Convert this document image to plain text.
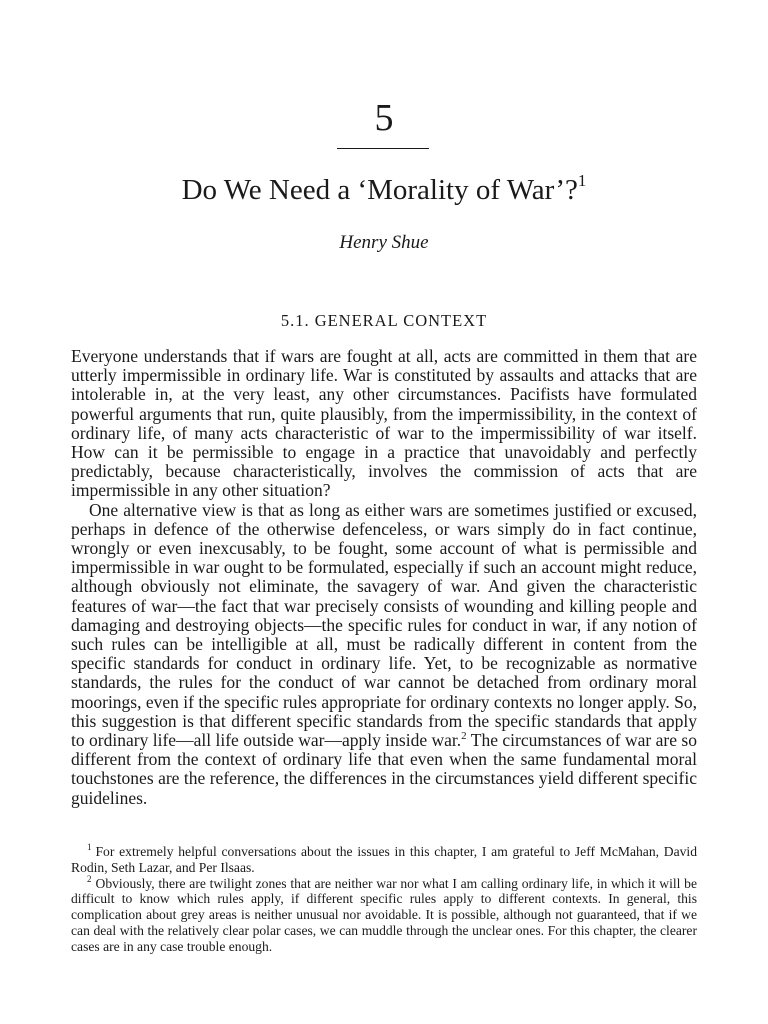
5
Do We Need a ‘Morality of War’?$^1$
Henry Shue
5.1. GENERAL CONTEXT

Everyone understands that if wars are fought at all, acts are committed in them that are utterly impermissible in ordinary life. War is constituted by assaults and attacks that are intolerable in, at the very least, any other circumstances. Pacifists have formulated powerful arguments that run, quite plausibly, from the impermissibility, in the context of ordinary life, of many acts characteristic of war to the impermissibility of war itself. How can it be permissible to engage in a practice that unavoidably and perfectly predictably, because characteristically, involves the commission of acts that are impermissible in any other situation?

One alternative view is that as long as either wars are sometimes justified or excused, perhaps in defence of the otherwise defenceless, or wars simply do in fact continue, wrongly or even inexcusably, to be fought, some account of what is permissible and impermissible in war ought to be formulated, especially if such an account might reduce, although obviously not eliminate, the savagery of war. And given the characteristic features of war—the fact that war precisely consists of wounding and killing people and damaging and destroying objects—the specific rules for conduct in war, if any notion of such rules can be intelligible at all, must be radically different in content from the specific standards for conduct in ordinary life. Yet, to be recognizable as normative standards, the rules for the conduct of war cannot be detached from ordinary moral moorings, even if the specific rules appropriate for ordinary contexts no longer apply. So, this suggestion is that different specific standards from the specific standards that apply to ordinary life—all life outside war—apply inside war.$^2$ The circumstances of war are so different from the context of ordinary life that even when the same fundamental moral touchstones are the reference, the differences in the circumstances yield different specific guidelines.

$^1$ For extremely helpful conversations about the issues in this chapter, I am grateful to Jeff McMahan, David Rodin, Seth Lazar, and Per Ilsaas.

$^2$ Obviously, there are twilight zones that are neither war nor what I am calling ordinary life, in which it will be difficult to know which rules apply, if different specific rules apply to different contexts. In general, this complication about grey areas is neither unusual nor avoidable. It is possible, although not guaranteed, that if we can deal with the relatively clear polar cases, we can muddle through the unclear ones. For this chapter, the clearer cases are in any case trouble enough.
